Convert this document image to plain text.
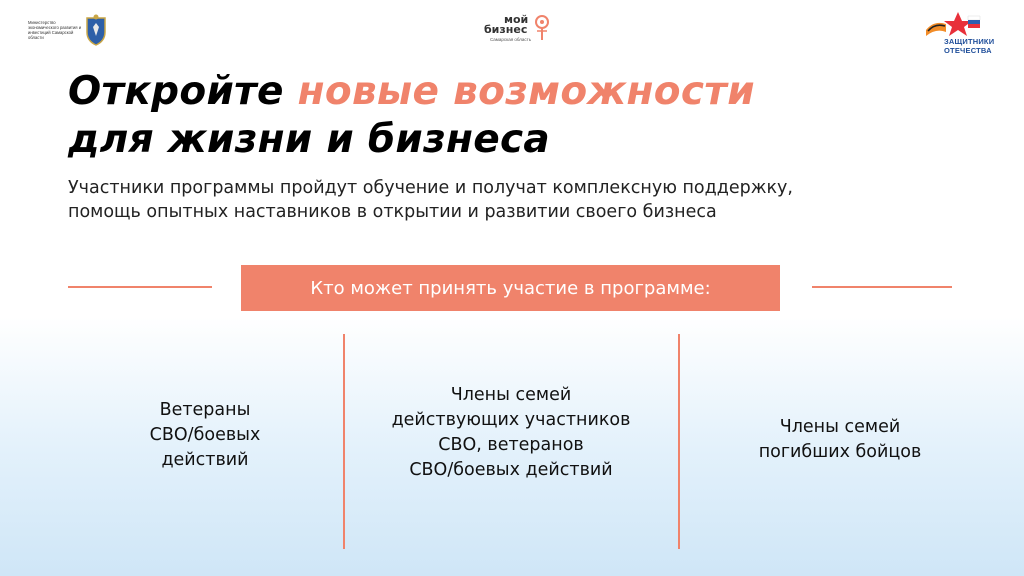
Министерство экономического развития и инвестиций Самарской области
мой
бизнес
Самарская область	ЗАЩИТНИКИ
ОТЕЧЕСТВА
Откройте новые возможности
для жизни и бизнеса
Участники программы пройдут обучение и получат комплексную поддержку, помощь опытных наставников в открытии и развитии своего бизнеса
Кто может принять участие в программе:
Ветераны
СВО/боевых
действий
Члены семей
действующих участников
СВО, ветеранов
СВО/боевых действий
Члены семей
погибших бойцов
